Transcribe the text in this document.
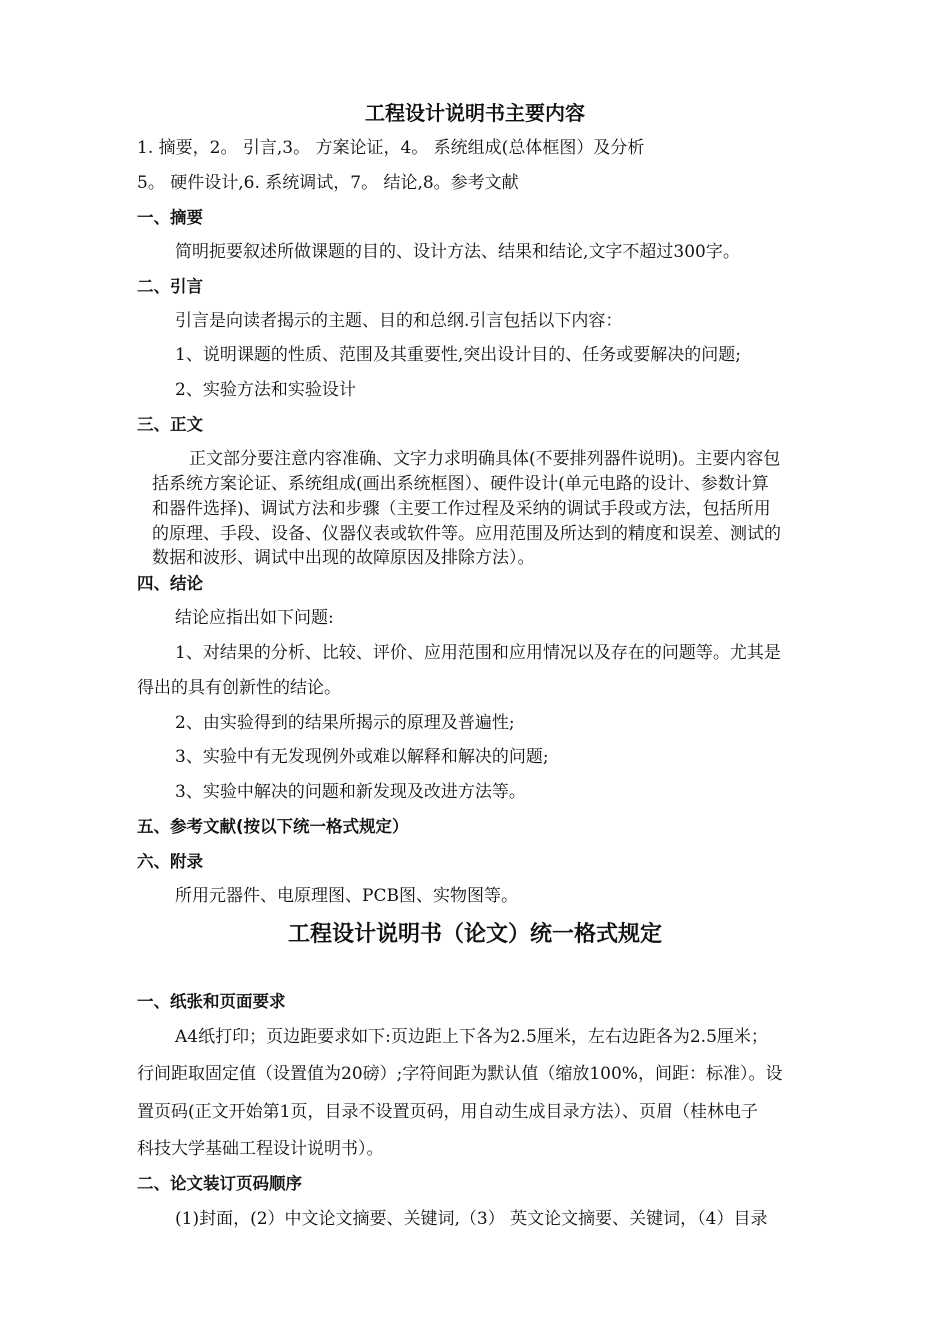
工程设计说明书主要内容

1. 摘要，2。 引言,3。 方案论证，4。 系统组成(总体框图）及分析

5。 硬件设计,6. 系统调试，7。 结论,8。参考文献

一、摘要

简明扼要叙述所做课题的目的、设计方法、结果和结论,文字不超过300字。

二、引言

引言是向读者揭示的主题、目的和总纲.引言包括以下内容：

1、说明课题的性质、范围及其重要性,突出设计目的、任务或要解决的问题;

2、实验方法和实验设计

三、正文

正文部分要注意内容准确、文字力求明确具体(不要排列器件说明)。主要内容包

括系统方案论证、系统组成(画出系统框图）、硬件设计(单元电路的设计、参数计算

和器件选择)、调试方法和步骤（主要工作过程及采纳的调试手段或方法，包括所用

的原理、手段、设备、仪器仪表或软件等。应用范围及所达到的精度和误差、测试的

数据和波形、调试中出现的故障原因及排除方法）。

四、结论

结论应指出如下问题:

1、对结果的分析、比较、评价、应用范围和应用情况以及存在的问题等。尤其是

得出的具有创新性的结论。

2、由实验得到的结果所揭示的原理及普遍性;

3、实验中有无发现例外或难以解释和解决的问题;

3、实验中解决的问题和新发现及改进方法等。

五、参考文献(按以下统一格式规定）

六、附录

所用元器件、电原理图、PCB图、实物图等。

工程设计说明书（论文）统一格式规定

一、纸张和页面要求

A4纸打印；页边距要求如下:页边距上下各为2.5厘米，左右边距各为2.5厘米；

行间距取固定值（设置值为20磅）;字符间距为默认值（缩放100%，间距：标准）。设

置页码(正文开始第1页，目录不设置页码，用自动生成目录方法）、页眉（桂林电子

科技大学基础工程设计说明书）。

二、论文装订页码顺序

(1)封面，(2）中文论文摘要、关键词,（3） 英文论文摘要、关键词，（4）目录
